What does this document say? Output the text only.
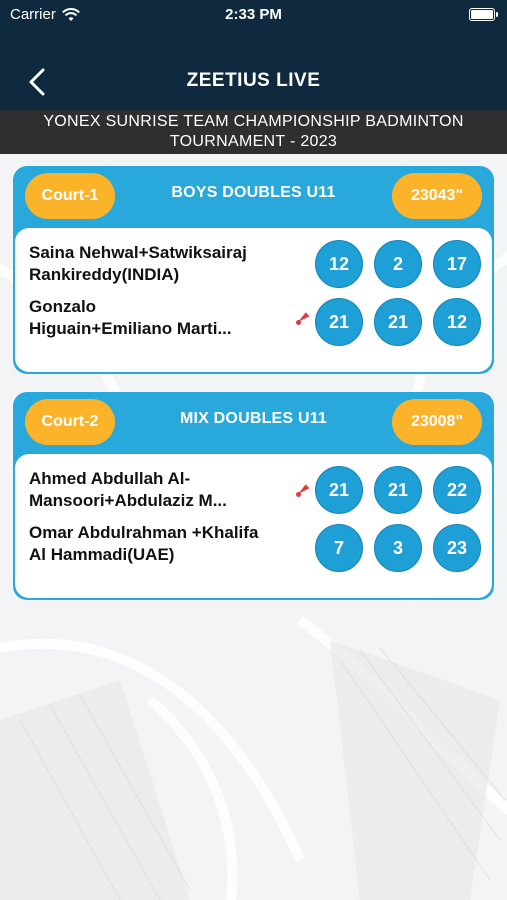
Carrier	2:33 PM
ZEETIUS LIVE
YONEX SUNRISE TEAM CHAMPIONSHIP BADMINTON
TOURNAMENT - 2023
Court-1	BOYS DOUBLES U11	23043"
Saina Nehwal+Satwiksairaj
Rankireddy(INDIA)
12	2	17
Gonzalo
Higuain+Emiliano Marti...	21	21	12
Court-2	MIX DOUBLES U11	23008"
Ahmed Abdullah Al-
Mansoori+Abdulaziz M...
21	21	22
Omar Abdulrahman +Khalifa
Al Hammadi(UAE)	7	3	23
